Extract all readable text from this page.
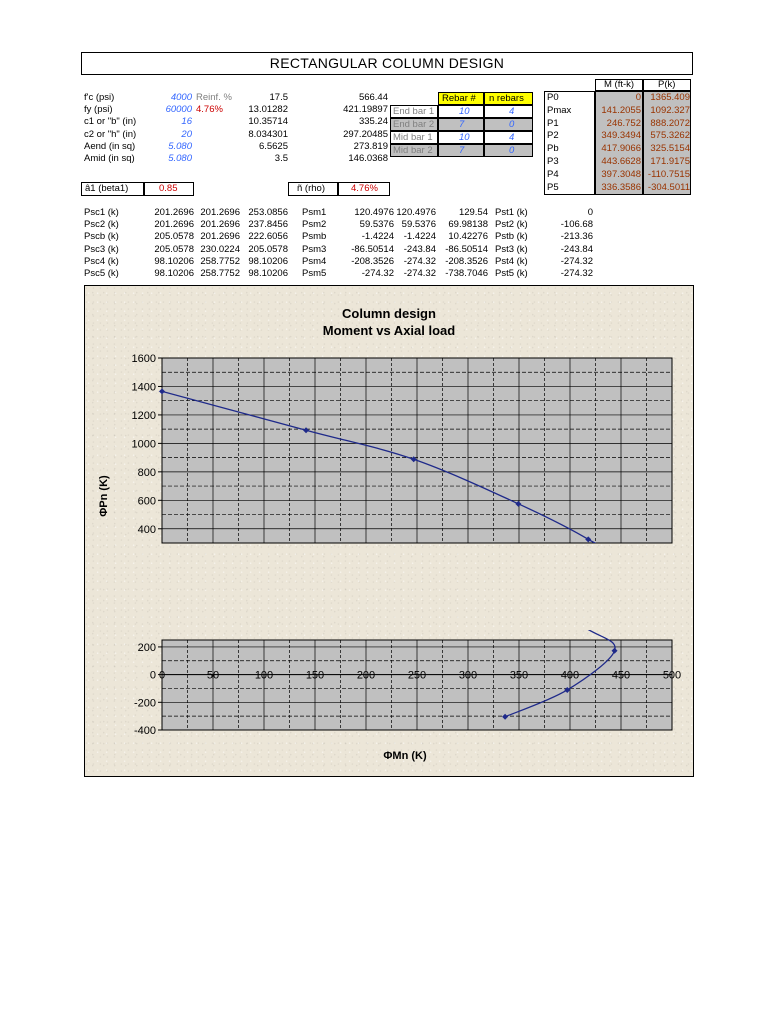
RECTANGULAR COLUMN DESIGN
f'c (psi)	4000 Reinf. %	17.5	566.44
fy (psi)	60000 4.76%	13.01282	421.19897
c1 or "b" (in)	16	10.35714	335.24
c2 or "h" (in)	20	8.034301	297.20485
Aend (in sq)	5.080	6.5625	273.819
Amid (in sq)	5.080	3.5	146.0368
â1 (beta1)	0.85	ñ (rho)	4.76%
Rebar # n rebars
End bar 1	10	4
End bar 2	7	0
Mid bar 1	10	4
Mid bar 2	7	0
M (ft-k)	P(k)
P0	0 1365.409
Pmax	141.2055 1092.327
P1	246.752 888.2072
P2	349.3494 575.3262
Pb	417.9066 325.5154
P3	443.6628 171.9175
P4	397.3048 -110.7515
P5	336.3586 -304.5011
Psc1 (k)	201.2696 201.2696 253.0856 Psm1	120.4976 120.4976	129.54 Pst1 (k)	0
Psc2 (k)	201.2696 201.2696 237.8456 Psm2	59.5376 59.5376	69.98138 Pst2 (k)	-106.68
Pscb (k)	205.0578 201.2696 222.6056 Psmb	-1.4224	-1.4224	10.42276 Pstb (k)	-213.36
Psc3 (k)	205.0578 230.0224 205.0578 Psm3	-86.50514	-243.84 -86.50514 Pst3 (k)	-243.84
Psc4 (k)	98.10206 258.7752 98.10206 Psm4	-208.3526	-274.32 -208.3526 Pst4 (k)	-274.32
Psc5 (k)	98.10206 258.7752 98.10206 Psm5	-274.32	-274.32 -738.7046 Pst5 (k)	-274.32
Column design
Moment vs Axial load
ΦPn (K)
ΦMn (K)
400
600
800
1000
1200
1400
1600
-400
-200
0
200
0	50	100	150	200	250	300	350	400	450	500
